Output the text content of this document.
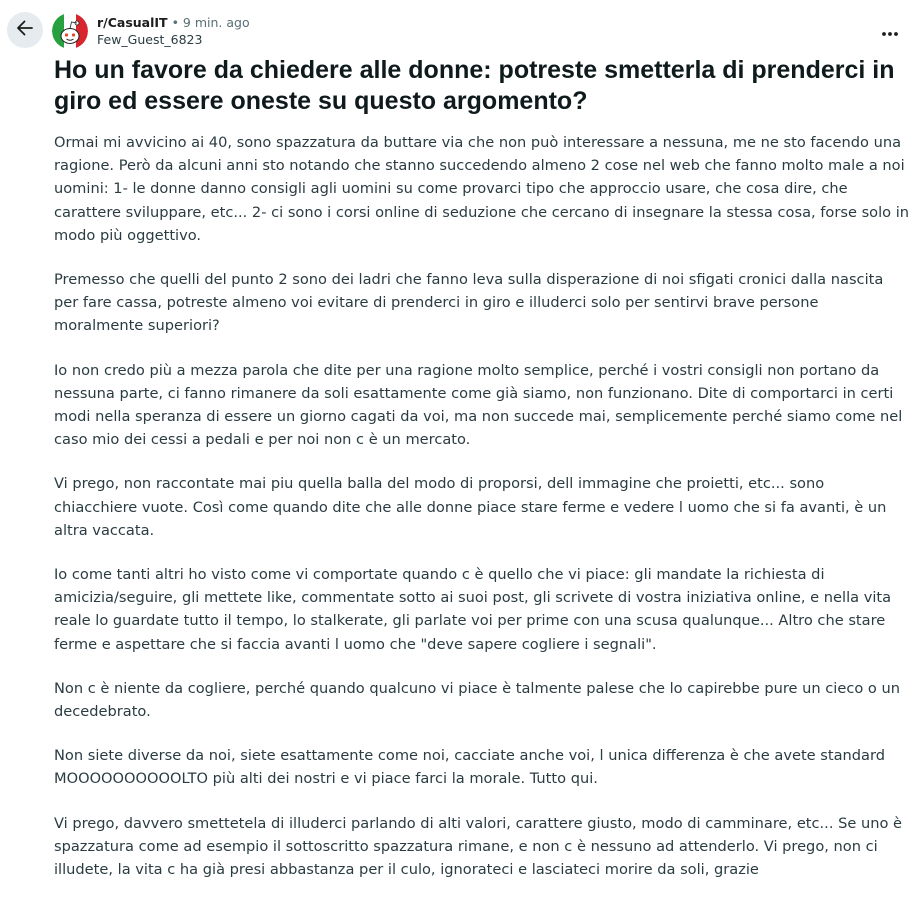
r/CasualIT • 9 min. ago
Few_Guest_6823
Ho un favore da chiedere alle donne: potreste smetterla di prenderci in giro ed essere oneste su questo argomento?

Ormai mi avvicino ai 40, sono spazzatura da buttare via che non può interessare a nessuna, me ne sto facendo una ragione. Però da alcuni anni sto notando che stanno succedendo almeno 2 cose nel web che fanno molto male a noi uomini: 1- le donne danno consigli agli uomini su come provarci tipo che approccio usare, che cosa dire, che carattere sviluppare, etc... 2- ci sono i corsi online di seduzione che cercano di insegnare la stessa cosa, forse solo in modo più oggettivo.

Premesso che quelli del punto 2 sono dei ladri che fanno leva sulla disperazione di noi sfigati cronici dalla nascita per fare cassa, potreste almeno voi evitare di prenderci in giro e illuderci solo per sentirvi brave persone moralmente superiori?

Io non credo più a mezza parola che dite per una ragione molto semplice, perché i vostri consigli non portano da nessuna parte, ci fanno rimanere da soli esattamente come già siamo, non funzionano. Dite di comportarci in certi modi nella speranza di essere un giorno cagati da voi, ma non succede mai, semplicemente perché siamo come nel caso mio dei cessi a pedali e per noi non c è un mercato.

Vi prego, non raccontate mai piu quella balla del modo di proporsi, dell immagine che proietti, etc... sono chiacchiere vuote. Così come quando dite che alle donne piace stare ferme e vedere l uomo che si fa avanti, è un altra vaccata.

Io come tanti altri ho visto come vi comportate quando c è quello che vi piace: gli mandate la richiesta di amicizia/seguire, gli mettete like, commentate sotto ai suoi post, gli scrivete di vostra iniziativa online, e nella vita reale lo guardate tutto il tempo, lo stalkerate, gli parlate voi per prime con una scusa qualunque... Altro che stare ferme e aspettare che si faccia avanti l uomo che "deve sapere cogliere i segnali".

Non c è niente da cogliere, perché quando qualcuno vi piace è talmente palese che lo capirebbe pure un cieco o un decedebrato.

Non siete diverse da noi, siete esattamente come noi, cacciate anche voi, l unica differenza è che avete standard MOOOOOOOOOOLTO più alti dei nostri e vi piace farci la morale. Tutto qui.

Vi prego, davvero smettetela di illuderci parlando di alti valori, carattere giusto, modo di camminare, etc... Se uno è spazzatura come ad esempio il sottoscritto spazzatura rimane, e non c è nessuno ad attenderlo. Vi prego, non ci illudete, la vita c ha già presi abbastanza per il culo, ignorateci e lasciateci morire da soli, grazie
